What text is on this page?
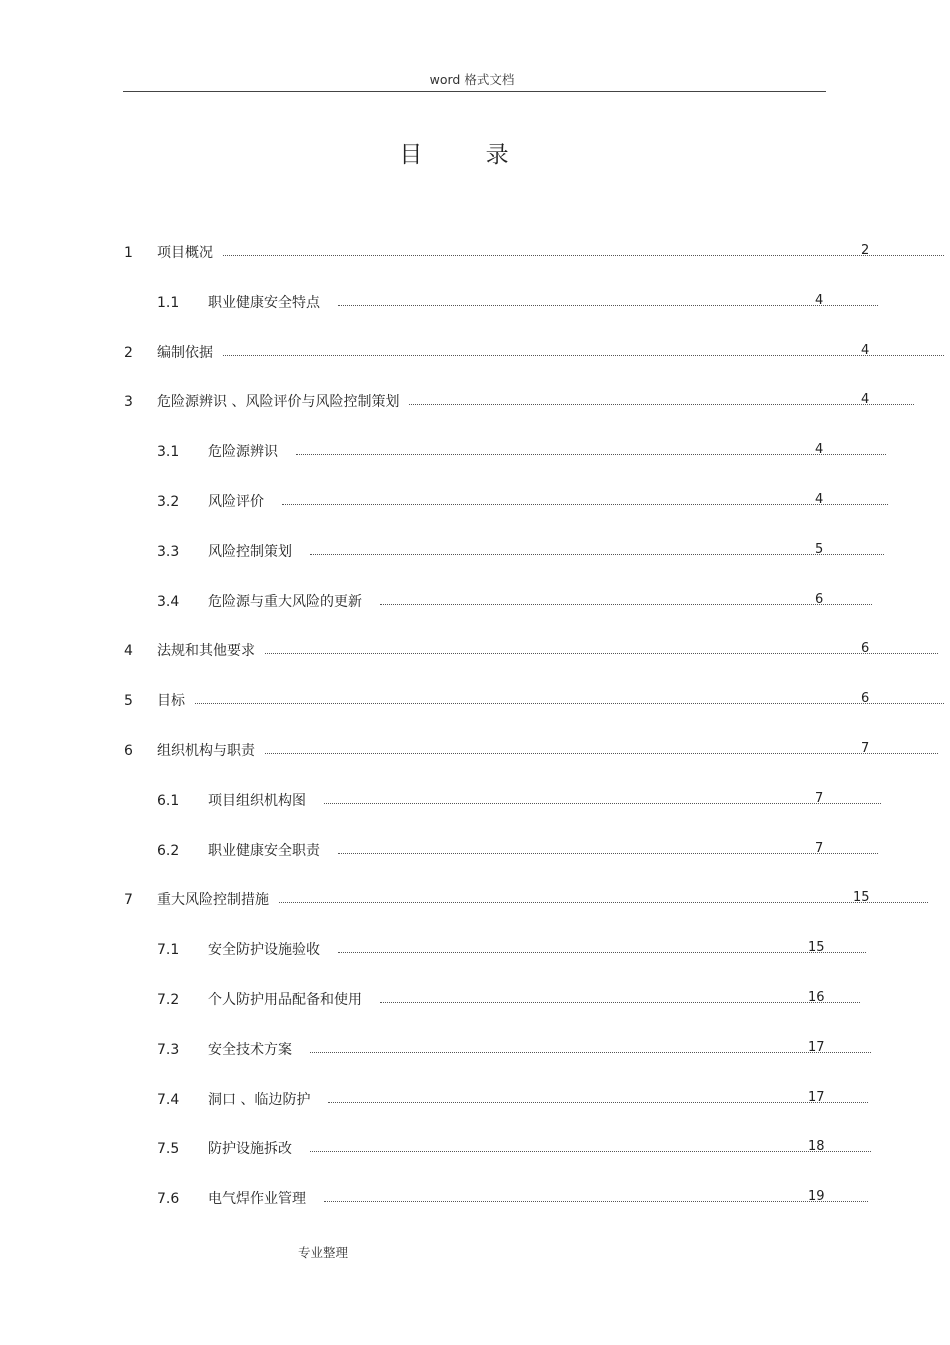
word 格式文档
目 录
1 项目概况	2
1.1 职业健康安全特点	4
2 编制依据	4
3 危险源辨识 、风险评价与风险控制策划	4
3.1 危险源辨识	4
3.2 风险评价	4
3.3 风险控制策划	5
3.4 危险源与重大风险的更新	6
4 法规和其他要求	6
5 目标	6
6 组织机构与职责	7
6.1 项目组织机构图	7
6.2 职业健康安全职责	7
7 重大风险控制措施	15
7.1 安全防护设施验收	15
7.2 个人防护用品配备和使用	16
7.3 安全技术方案	17
7.4 洞口 、临边防护	17
7.5 防护设施拆改	18
7.6 电气焊作业管理	19
专业整理
